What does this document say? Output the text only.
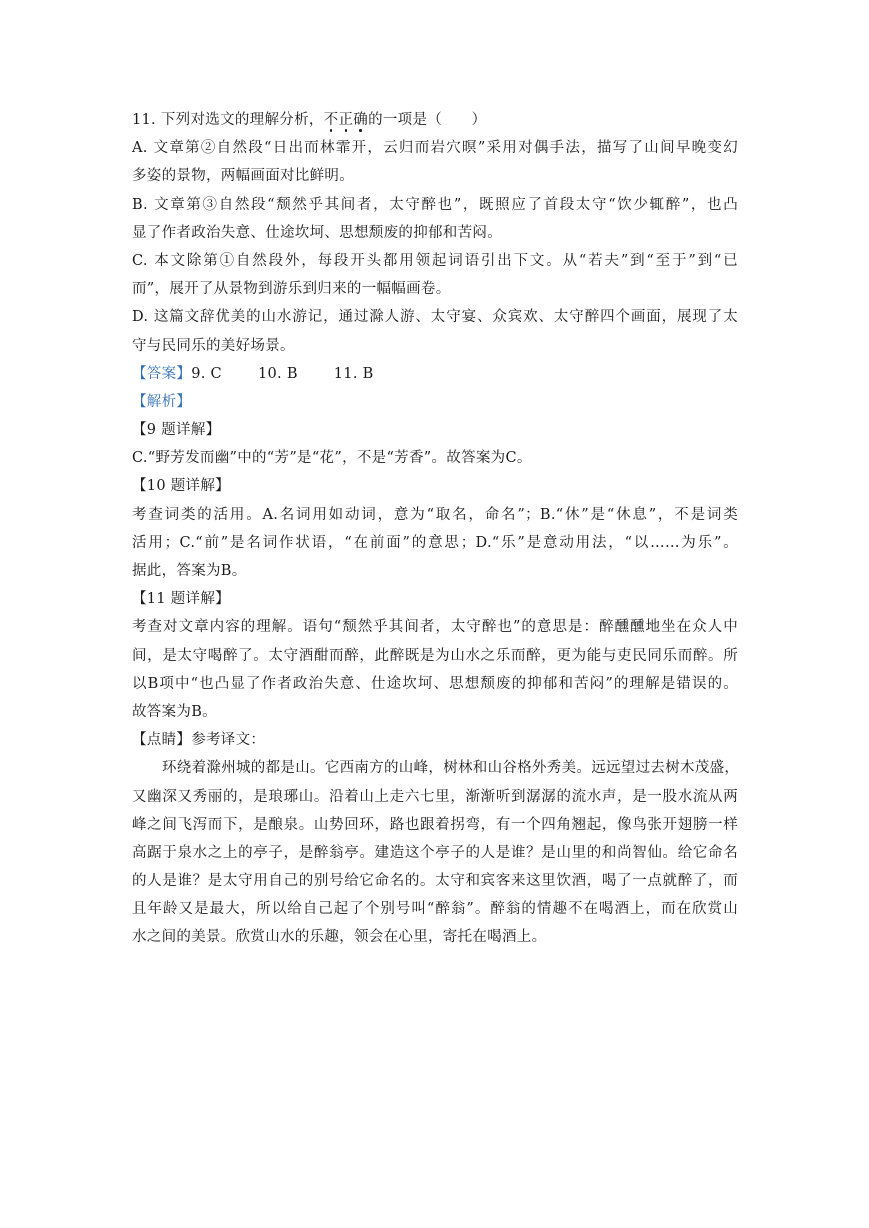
11. 下列对选文的理解分析，不正确
的一项是（　　）
A. 文章第②自然段“日出而林霏开，云归而岩穴暝”采用对偶手法，描写了山间早晚变幻
多姿的景物，两幅画面对比鲜明。
B. 文章第③自然段“颓然乎其间者，太守醉也”，既照应了首段太守“饮少辄醉”，也凸
显了作者政治失意、仕途坎坷、思想颓废的抑郁和苦闷。
C. 本文除第①自然段外，每段开头都用领起词语引出下文。从“若夫”到“至于”到“已
而”，展开了从景物到游乐到归来的一幅幅画卷。
D. 这篇文辞优美的山水游记，通过滁人游、太守宴、众宾欢、太守醉四个画面，展现了太
守与民同乐的美好场景。
【答案】9. C 10. B 11. B
【解析】
【9 题详解】
C.“野芳发而幽”中的“芳”是“花”，不是“芳香”。故答案为C。
【10 题详解】
考查词类的活用。A.名词用如动词，意为“取名，命名”；B.“休”是“休息”，不是词类
活用；C.“前”是名词作状语，“在前面”的意思；D.“乐”是意动用法，“以……为乐”。
据此，答案为B。
【11 题详解】
考查对文章内容的理解。语句“颓然乎其间者，太守醉也”的意思是：醉醺醺地坐在众人中
间，是太守喝醉了。太守酒酣而醉，此醉既是为山水之乐而醉，更为能与吏民同乐而醉。所
以B项中“也凸显了作者政治失意、仕途坎坷、思想颓废的抑郁和苦闷”的理解是错误的。
故答案为B。
【点睛】参考译文：
环绕着滁州城的都是山。它西南方的山峰，树林和山谷格外秀美。远远望过去树木茂盛，
又幽深又秀丽的，是琅琊山。沿着山上走六七里，渐渐听到潺潺的流水声，是一股水流从两
峰之间飞泻而下，是酿泉。山势回环，路也跟着拐弯，有一个四角翘起，像鸟张开翅膀一样
高踞于泉水之上的亭子，是醉翁亭。建造这个亭子的人是谁？是山里的和尚智仙。给它命名
的人是谁？是太守用自己的别号给它命名的。太守和宾客来这里饮酒，喝了一点就醉了，而
且年龄又是最大，所以给自己起了个别号叫“醉翁”。醉翁的情趣不在喝酒上，而在欣赏山
水之间的美景。欣赏山水的乐趣，领会在心里，寄托在喝酒上。
